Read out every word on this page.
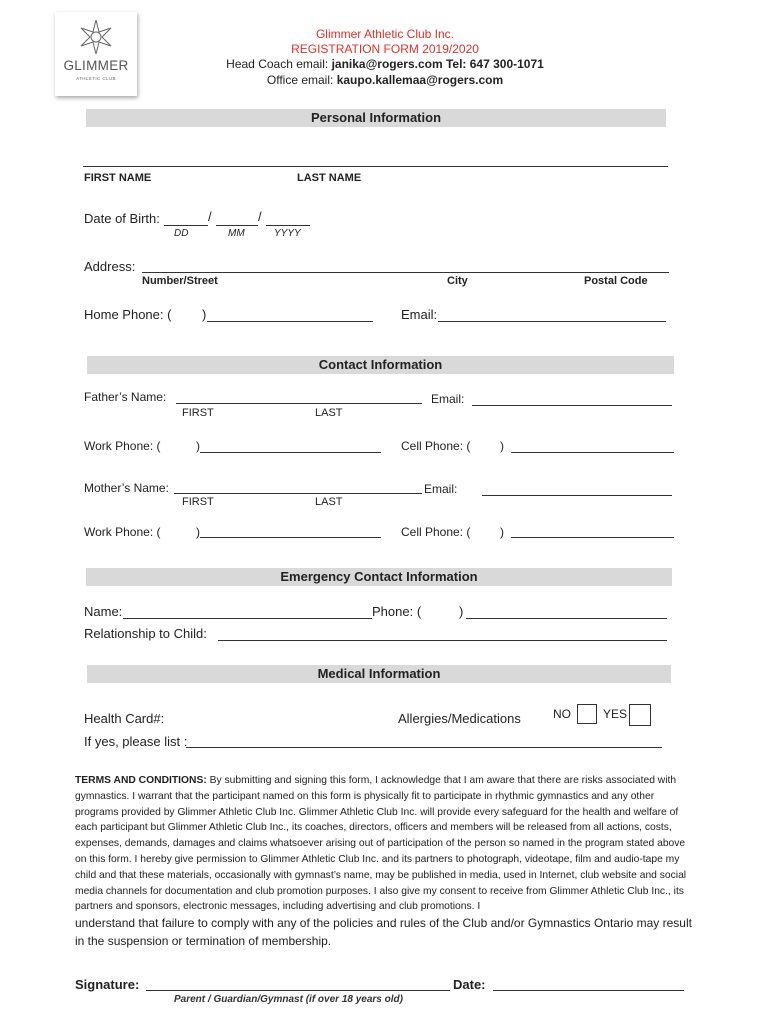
GLIMMER
ATHLETIC CLUB
Glimmer Athletic Club Inc.
REGISTRATION FORM 2019/2020
Head Coach email: janika@rogers.com Tel: 647 300-1071
Office email: kaupo.kallemaa@rogers.com
Personal Information
FIRST NAME	LAST NAME
Date of Birth:	/	/
DD	MM	YYYY
Address:
Number/Street	City	Postal Code
Home Phone: ( )	Email:
Contact Information
Father’s Name:	Email:
FIRST	LAST
Work Phone: (	)	Cell Phone: ( )
Mother’s Name:	Email:
FIRST	LAST
Work Phone: (	)	Cell Phone: ( )
Emergency Contact Information
Name:	Phone: (	)
Relationship to Child:
Medical Information
Health Card#:	Allergies/Medications	NO	YES
If yes, please list :
TERMS AND CONDITIONS: By submitting and signing this form, I acknowledge that I am aware that there are risks associated with gymnastics. I warrant that the participant named on this form is physically fit to participate in rhythmic gymnastics and any other programs provided by Glimmer Athletic Club Inc. Glimmer Athletic Club Inc. will provide every safeguard for the health and welfare of each participant but Glimmer Athletic Club Inc., its coaches, directors, officers and members will be released from all actions, costs, expenses, demands, damages and claims whatsoever arising out of participation of the person so named in the program stated above on this form. I hereby give permission to Glimmer Athletic Club Inc. and its partners to photograph, videotape, film and audio-tape my child and that these materials, occasionally with gymnast’s name, may be published in media, used in Internet, club website and social media channels for documentation and club promotion purposes. I also give my consent to receive from Glimmer Athletic Club Inc., its partners and sponsors, electronic messages, including advertising and club promotions. I
understand that failure to comply with any of the policies and rules of the Club and/or Gymnastics Ontario may result in the suspension or termination of membership.
Signature:	Date:
Parent / Guardian/Gymnast (if over 18 years old)
